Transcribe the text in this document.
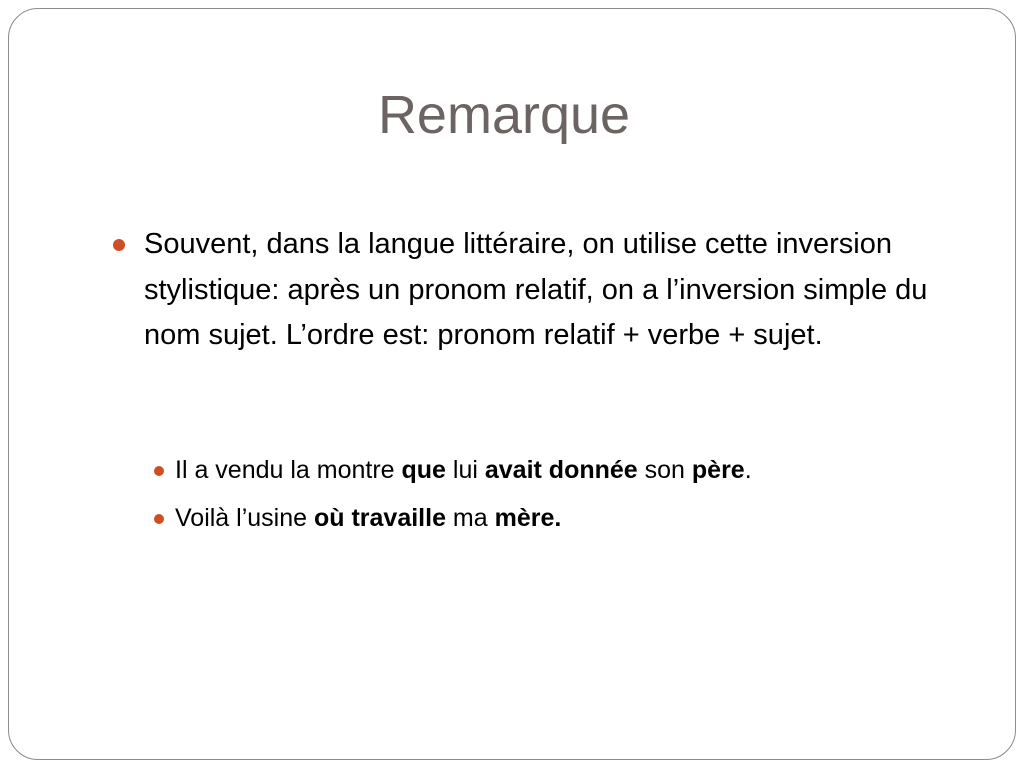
Remarque
Souvent, dans la langue littéraire, on utilise cette inversion stylistique: après un pronom relatif, on a l’inversion simple du nom sujet. L’ordre est: pronom relatif + verbe + sujet.
Il a vendu la montre que lui avait donnée son père.
Voilà l’usine où travaille ma mère.
